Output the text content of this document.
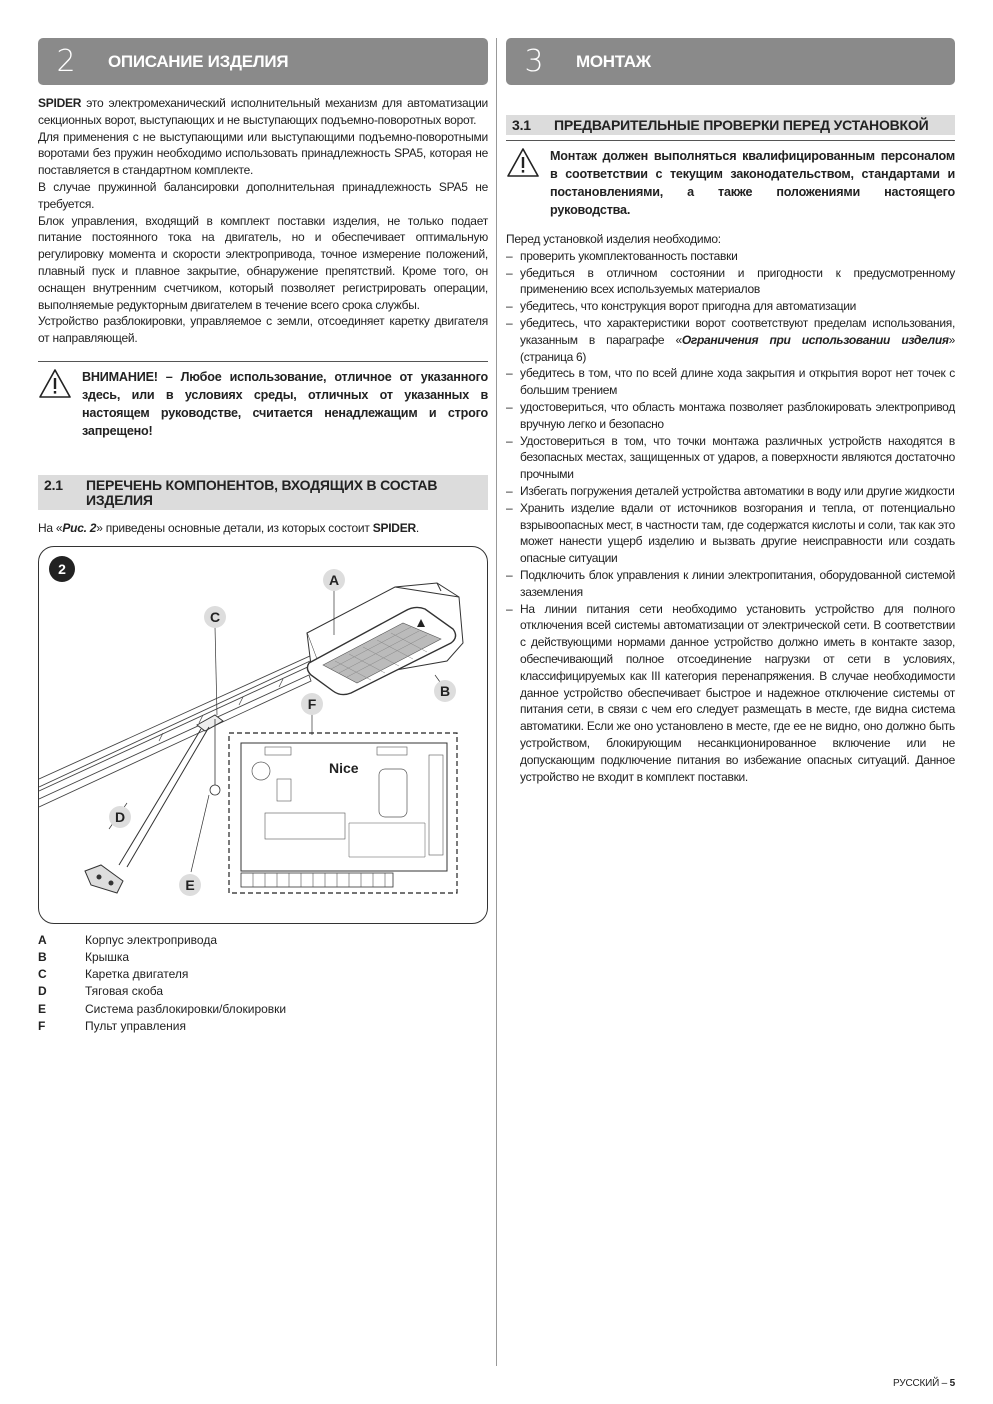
2	ОПИСАНИЕ ИЗДЕЛИЯ

SPIDER это электромеханический исполнительный механизм для автоматизации секционных ворот, выступающих и не выступающих подъемно-поворотных ворот.

Для применения с не выступающими или выступающими подъемно-поворотными воротами без пружин необходимо использовать принадлежность SPA5, которая не поставляется в стандартном комплекте.

В случае пружинной балансировки дополнительная принадлежность SPA5 не требуется.

Блок управления, входящий в комплект поставки изделия, не только подает питание постоянного тока на двигатель, но и обеспечивает оптимальную регулировку момента и скорости электропривода, точное измерение положений, плавный пуск и плавное закрытие, обнаружение препятствий. Кроме того, он оснащен внутренним счетчиком, который позволяет регистрировать операции, выполняемые редукторным двигателем в течение всего срока службы.

Устройство разблокировки, управляемое с земли, отсоединяет каретку двигателя от направляющей.

ВНИМАНИЕ! – Любое использование, отличное от указанного здесь, или в условиях среды, отличных от указанных в настоящем руководстве, считается ненадлежащим и строго запрещено!

2.1	ПЕРЕЧЕНЬ КОМПОНЕНТОВ, ВХОДЯЩИХ В СОСТАВ ИЗДЕЛИЯ

На «Рис. 2» приведены основные детали, из которых состоит SPIDER.

2
Nice
A
B
C
D
E
F
A	Корпус электропривода
B	Крышка
C	Каретка двигателя
D	Тяговая скоба
E	Система разблокировки/блокировки
F	Пульт управления
3	МОНТАЖ
3.1	ПРЕДВАРИТЕЛЬНЫЕ ПРОВЕРКИ ПЕРЕД УСТАНОВКОЙ

Монтаж должен выполняться квалифицированным персоналом в соответствии с текущим законодательством, стандартами и постановлениями, а также положениями настоящего руководства.

Перед установкой изделия необходимо:

– проверить укомплектованность поставки
– убедиться в отличном состоянии и пригодности к предусмотренному применению всех используемых материалов
– убедитесь, что конструкция ворот пригодна для автоматизации
– убедитесь, что характеристики ворот соответствуют пределам использования, указанным в параграфе «Ограничения при использовании изделия» (страница 6)
– убедитесь в том, что по всей длине хода закрытия и открытия ворот нет точек с большим трением
– удостовериться, что область монтажа позволяет разблокировать электропривод вручную легко и безопасно
– Удостовериться в том, что точки монтажа различных устройств находятся в безопасных местах, защищенных от ударов, а поверхности являются достаточно прочными
– Избегать погружения деталей устройства автоматики в воду или другие жидкости
– Хранить изделие вдали от источников возгорания и тепла, от потенциально взрывоопасных мест, в частности там, где содержатся кислоты и соли, так как это может нанести ущерб изделию и вызвать другие неисправности или создать опасные ситуации
– Подключить блок управления к линии электропитания, оборудованной системой заземления
– На линии питания сети необходимо установить устройство для полного отключения всей системы автоматизации от электрической сети. В соответствии с действующими нормами данное устройство должно иметь в контакте зазор, обеспечивающий полное отсоединение нагрузки от сети в условиях, классифицируемых как III категория перенапряжения. В случае необходимости данное устройство обеспечивает быстрое и надежное отключение системы от питания сети, в связи с чем его следует размещать в месте, где видна система автоматики. Если же оно установлено в месте, где ее не видно, оно должно быть устройством, блокирующим несанкционированное включение или не допускающим подключение питания во избежание опасных ситуаций. Данное устройство не входит в комплект поставки.
РУССКИЙ – 5
